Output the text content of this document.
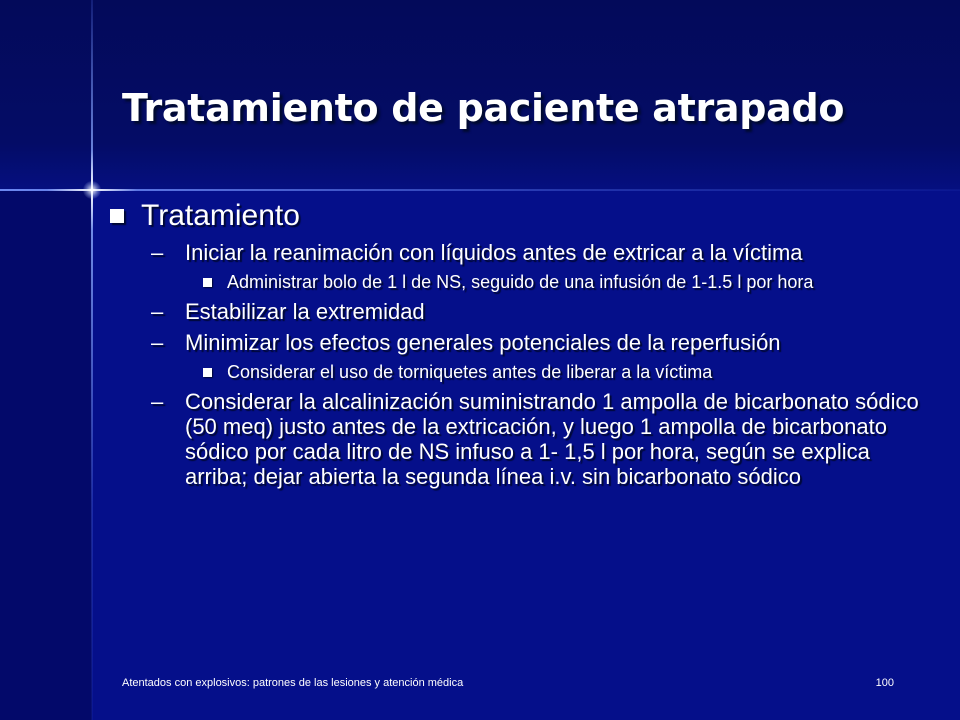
Tratamiento de paciente atrapado
Tratamiento
– Iniciar la reanimación con líquidos antes de extricar a la víctima
Administrar bolo de 1 l de NS, seguido de una infusión de 1-1.5 l por hora
– Estabilizar la extremidad
– Minimizar los efectos generales potenciales de la reperfusión
Considerar el uso de torniquetes antes de liberar a la víctima
– Considerar la alcalinización suministrando 1 ampolla de bicarbonato sódico (50 meq) justo antes de la extricación, y luego 1 ampolla de bicarbonato sódico por cada litro de NS infuso a 1- 1,5 l por hora, según se explica arriba; dejar abierta la segunda línea i.v. sin bicarbonato sódico
Atentados con explosivos: patrones de las lesiones y atención médica	100
